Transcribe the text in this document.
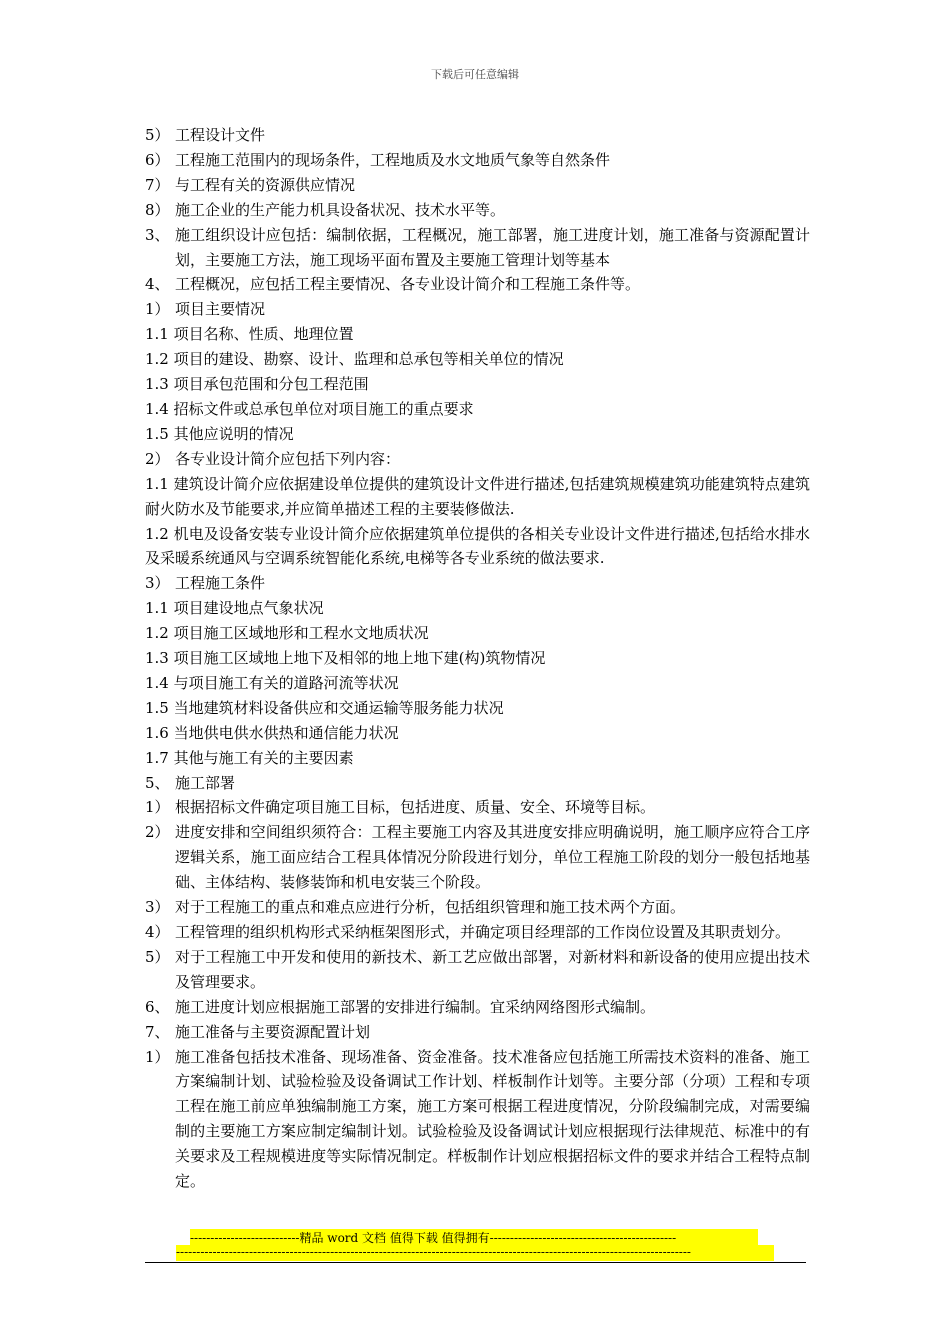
下载后可任意编辑
5） 工程设计文件
6） 工程施工范围内的现场条件，工程地质及水文地质气象等自然条件
7） 与工程有关的资源供应情况
8） 施工企业的生产能力机具设备状况、技术水平等。
3、 施工组织设计应包括：编制依据，工程概况，施工部署，施工进度计划，施工准备与资源配置计划，主要施工方法，施工现场平面布置及主要施工管理计划等基本
4、 工程概况，应包括工程主要情况、各专业设计简介和工程施工条件等。
1） 项目主要情况
1.1 项目名称、性质、地理位置
1.2 项目的建设、勘察、设计、监理和总承包等相关单位的情况
1.3 项目承包范围和分包工程范围
1.4 招标文件或总承包单位对项目施工的重点要求
1.5 其他应说明的情况
2） 各专业设计简介应包括下列内容：
1.1 建筑设计简介应依据建设单位提供的建筑设计文件进行描述,包括建筑规模建筑功能建筑特点建筑耐火防水及节能要求,并应简单描述工程的主要装修做法.
1.2 机电及设备安装专业设计简介应依据建筑单位提供的各相关专业设计文件进行描述,包括给水排水及采暖系统通风与空调系统智能化系统,电梯等各专业系统的做法要求.
3） 工程施工条件
1.1 项目建设地点气象状况
1.2 项目施工区域地形和工程水文地质状况
1.3 项目施工区域地上地下及相邻的地上地下建(构)筑物情况
1.4 与项目施工有关的道路河流等状况
1.5 当地建筑材料设备供应和交通运输等服务能力状况
1.6 当地供电供水供热和通信能力状况
1.7 其他与施工有关的主要因素
5、 施工部署
1） 根据招标文件确定项目施工目标，包括进度、质量、安全、环境等目标。
2） 进度安排和空间组织须符合：工程主要施工内容及其进度安排应明确说明，施工顺序应符合工序逻辑关系，施工面应结合工程具体情况分阶段进行划分，单位工程施工阶段的划分一般包括地基础、主体结构、装修装饰和机电安装三个阶段。
3） 对于工程施工的重点和难点应进行分析，包括组织管理和施工技术两个方面。
4） 工程管理的组织机构形式采纳框架图形式，并确定项目经理部的工作岗位设置及其职责划分。
5） 对于工程施工中开发和使用的新技术、新工艺应做出部署，对新材料和新设备的使用应提出技术及管理要求。
6、 施工进度计划应根据施工部署的安排进行编制。宜采纳网络图形式编制。
7、 施工准备与主要资源配置计划
1） 施工准备包括技术准备、现场准备、资金准备。技术准备应包括施工所需技术资料的准备、施工方案编制计划、试验检验及设备调试工作计划、样板制作计划等。主要分部（分项）工程和专项工程在施工前应单独编制施工方案，施工方案可根据工程进度情况，分阶段编制完成，对需要编制的主要施工方案应制定编制计划。试验检验及设备调试计划应根据现行法律规范、标准中的有关要求及工程规模进度等实际情况制定。样板制作计划应根据招标文件的要求并结合工程特点制定。
---------------------------精品 word 文档 值得下载 值得拥有----------------------------------------------
-------------------------------------------------------------------------------------------------------------------------------
